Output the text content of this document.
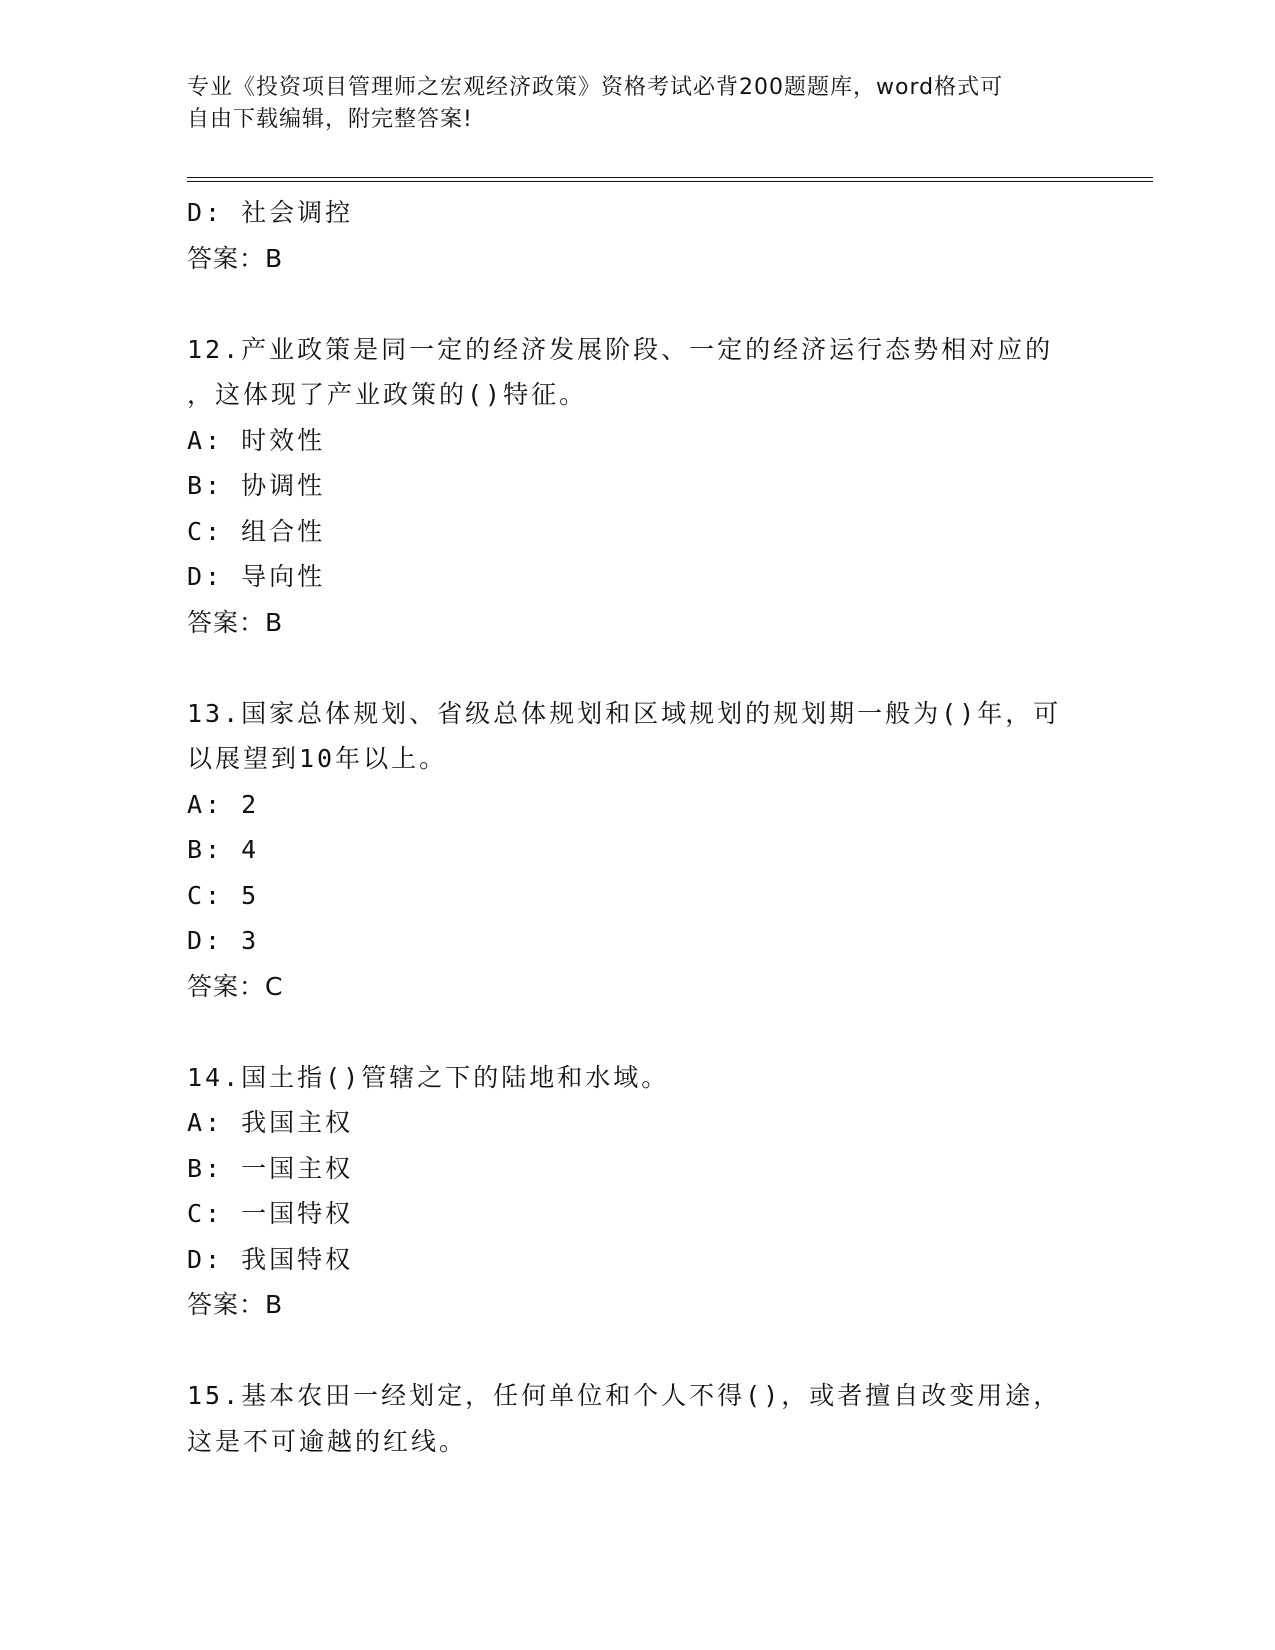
专业《投资项目管理师之宏观经济政策》资格考试必背200题题库，word格式可
自由下载编辑，附完整答案!
D: 社会调控
答案：B
12.产业政策是同一定的经济发展阶段、一定的经济运行态势相对应的
，这体现了产业政策的()特征。
A: 时效性
B: 协调性
C: 组合性
D: 导向性
答案：B
13.国家总体规划、省级总体规划和区域规划的规划期一般为()年，可
以展望到10年以上。
A: 2
B: 4
C: 5
D: 3
答案：C
14.国土指()管辖之下的陆地和水域。
A: 我国主权
B: 一国主权
C: 一国特权
D: 我国特权
答案：B
15.基本农田一经划定，任何单位和个人不得()，或者擅自改变用途，
这是不可逾越的红线。
